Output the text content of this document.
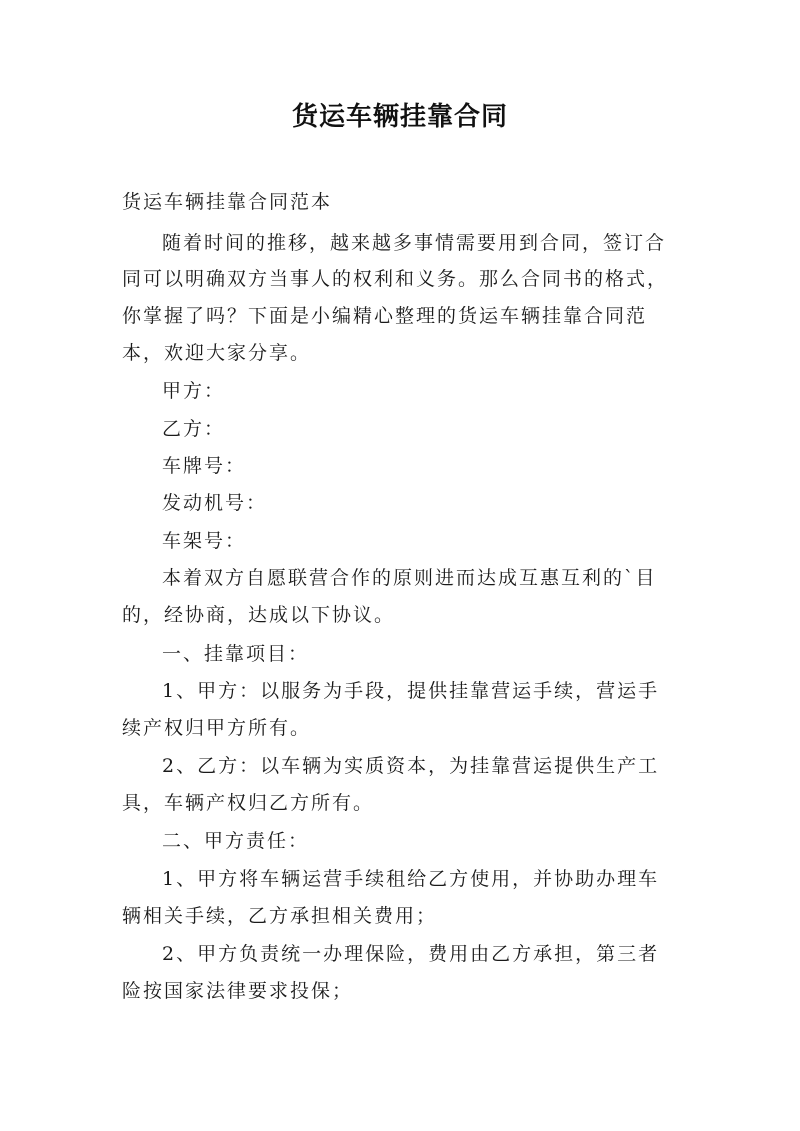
货运车辆挂靠合同
货运车辆挂靠合同范本
随着时间的推移，越来越多事情需要用到合同，签订合
同可以明确双方当事人的权利和义务。那么合同书的格式，
你掌握了吗？下面是小编精心整理的货运车辆挂靠合同范
本，欢迎大家分享。
甲方：
乙方：
车牌号：
发动机号：
车架号：
本着双方自愿联营合作的原则进而达成互惠互利的`目
的，经协商，达成以下协议。
一、挂靠项目：
1、甲方：以服务为手段，提供挂靠营运手续，营运手
续产权归甲方所有。
2、乙方：以车辆为实质资本，为挂靠营运提供生产工
具，车辆产权归乙方所有。
二、甲方责任：
1、甲方将车辆运营手续租给乙方使用，并协助办理车
辆相关手续，乙方承担相关费用；
2、甲方负责统一办理保险，费用由乙方承担，第三者
险按国家法律要求投保；
